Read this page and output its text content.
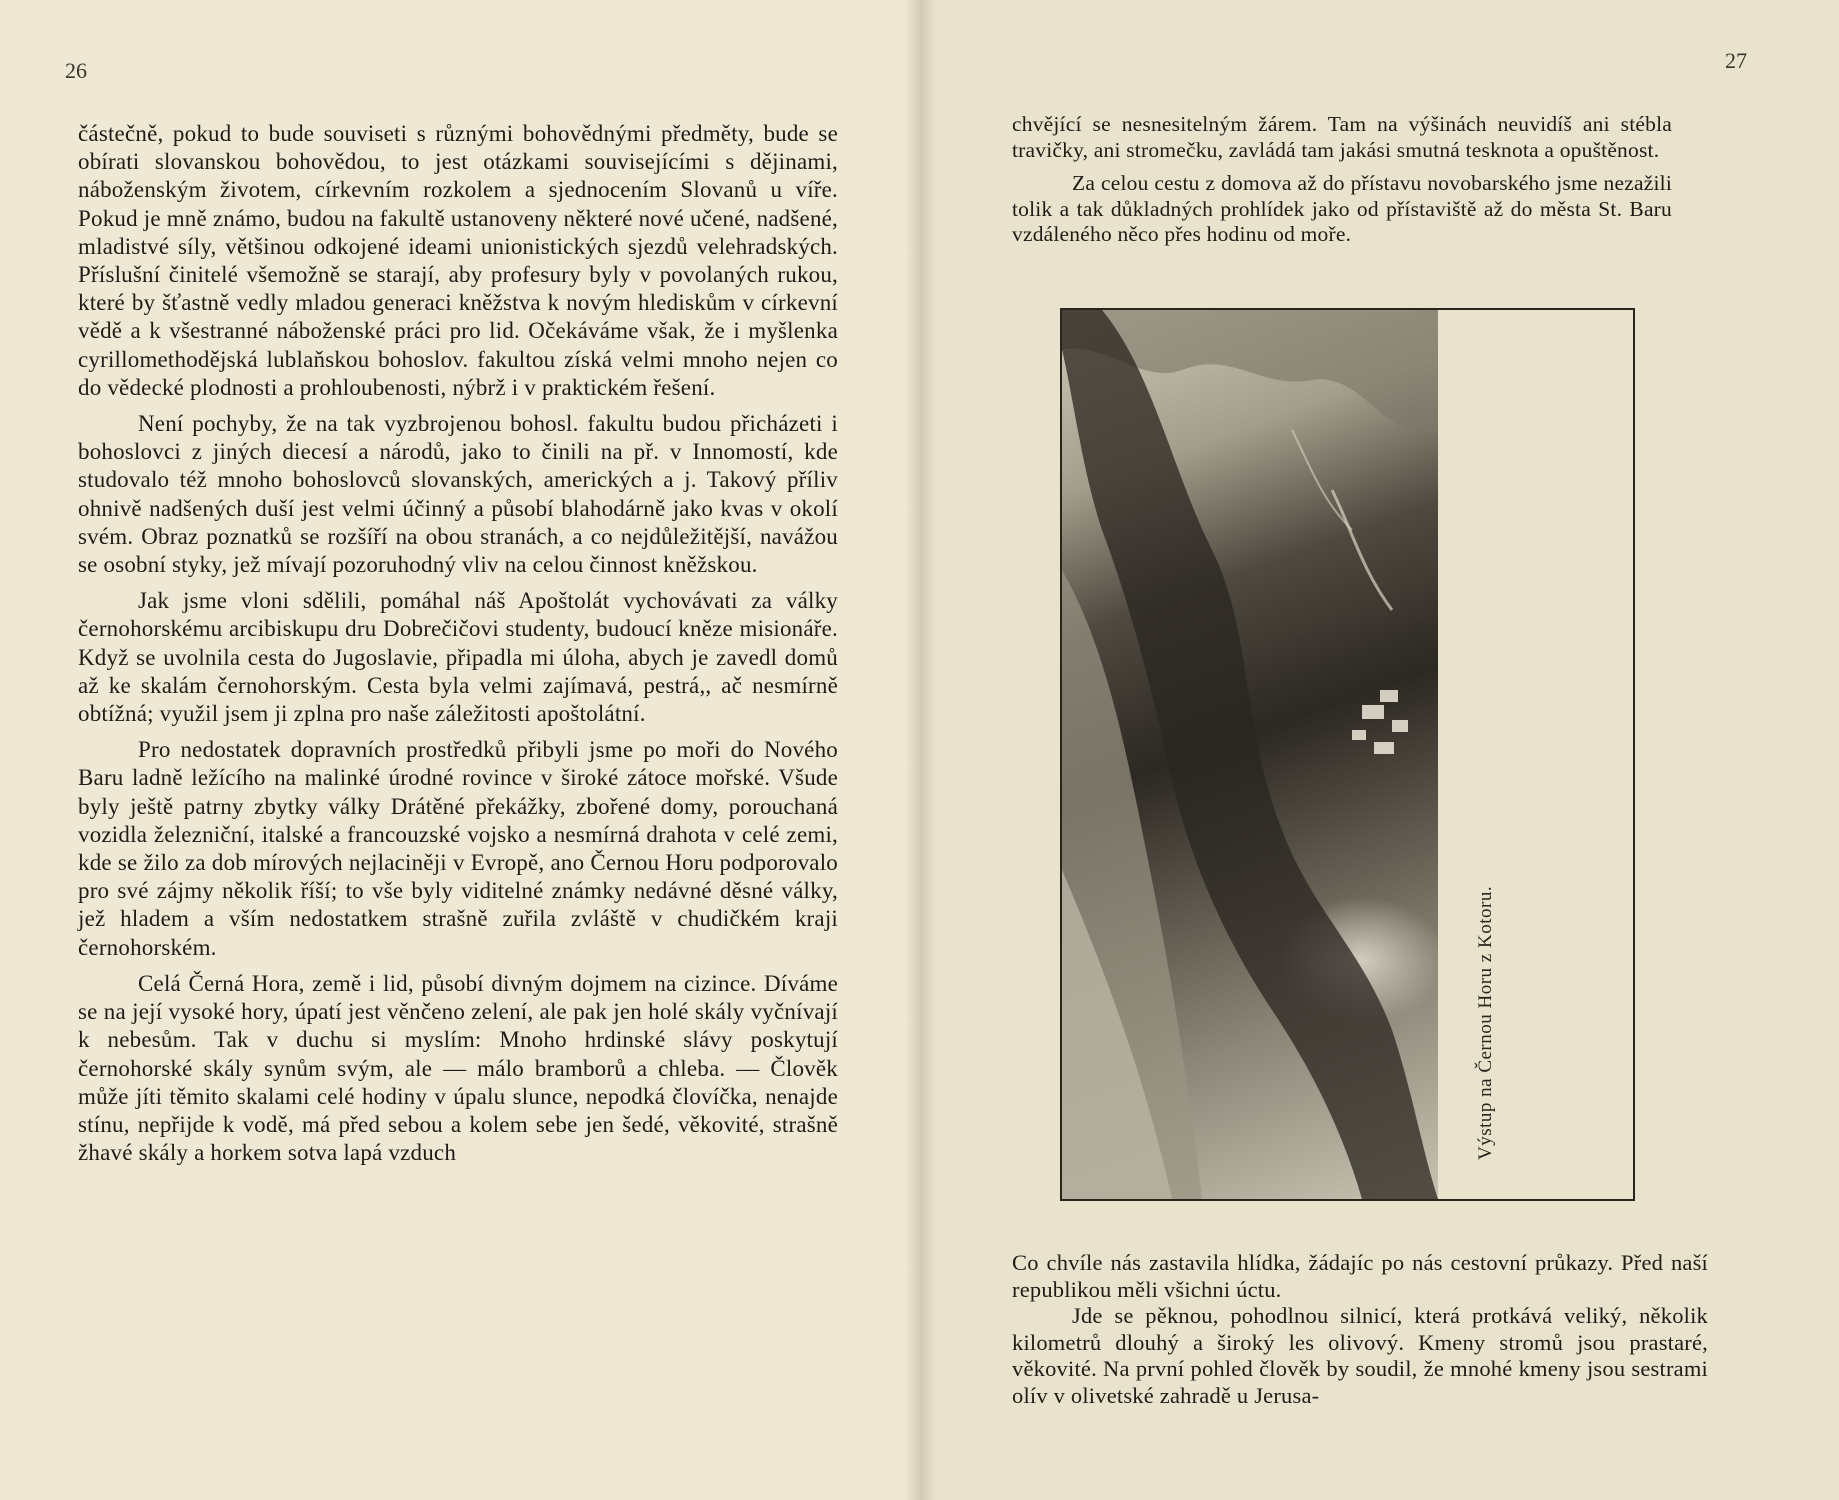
26

částečně, pokud to bude souviseti s různými bohovědnými předměty, bude se obírati slovanskou bohovědou, to jest otázkami souvisejícími s dějinami, náboženským životem, církevním rozkolem a sjednocením Slovanů u víře. Pokud je mně známo, budou na fakultě ustanoveny některé nové učené, nadšené, mladistvé síly, většinou odkojené ideami unionistických sjezdů velehradských. Příslušní činitelé všemožně se starají, aby profesury byly v povolaných rukou, které by šťastně vedly mladou generaci kněžstva k novým hlediskům v církevní vědě a k všestranné náboženské práci pro lid. Očekáváme však, že i myšlenka cyrillomethodějská lublaňskou bohoslov. fakultou získá velmi mnoho nejen co do vědecké plodnosti a prohloubenosti, nýbrž i v praktickém řešení.

Není pochyby, že na tak vyzbrojenou bohosl. fakultu budou přicházeti i bohoslovci z jiných diecesí a národů, jako to činili na př. v Innomostí, kde studovalo též mnoho bohoslovců slovanských, amerických a j. Takový příliv ohnivě nadšených duší jest velmi účinný a působí blahodárně jako kvas v okolí svém. Obraz poznatků se rozšíří na obou stranách, a co nejdůležitější, navážou se osobní styky, jež mívají pozoruhodný vliv na celou činnost kněžskou.

Jak jsme vloni sdělili, pomáhal náš Apoštolát vychovávati za války černohorskému arcibiskupu dru Dobrečičovi studenty, budoucí kněze misionáře. Když se uvolnila cesta do Jugoslavie, připadla mi úloha, abych je zavedl domů až ke skalám černohorským. Cesta byla velmi zajímavá, pestrá,, ač nesmírně obtížná; využil jsem ji zplna pro naše záležitosti apoštolátní.

Pro nedostatek dopravních prostředků přibyli jsme po moři do Nového Baru ladně ležícího na malinké úrodné rovince v široké zátoce mořské. Všude byly ještě patrny zbytky války Drátěné překážky, zbořené domy, porouchaná vozidla železniční, italské a francouzské vojsko a nesmírná drahota v celé zemi, kde se žilo za dob mírových nejlaciněji v Evropě, ano Černou Horu podporovalo pro své zájmy několik říší; to vše byly viditelné známky nedávné děsné války, jež hladem a vším nedostatkem strašně zuřila zvláště v chudičkém kraji černohorském.

Celá Černá Hora, země i lid, působí divným dojmem na cizince. Díváme se na její vysoké hory, úpatí jest věnčeno zelení, ale pak jen holé skály vyčnívají k nebesům. Tak v duchu si myslím: Mnoho hrdinské slávy poskytují černohorské skály synům svým, ale — málo bramborů a chleba. — Člověk může jíti těmito skalami celé hodiny v úpalu slunce, nepodká človíčka, nenajde stínu, nepřijde k vodě, má před sebou a kolem sebe jen šedé, věkovité, strašně žhavé skály a horkem sotva lapá vzduch

27

chvějící se nesnesitelným žárem. Tam na výšinách neuvidíš ani stébla travičky, ani stromečku, zavládá tam jakási smutná tesknota a opuštěnost.

Za celou cestu z domova až do přístavu novobarského jsme nezažili tolik a tak důkladných prohlídek jako od přístaviště až do města St. Baru vzdáleného něco přes hodinu od moře.

Výstup na Černou Horu z Kotoru.

Co chvíle nás zastavila hlídka, žádajíc po nás cestovní průkazy. Před naší republikou měli všichni úctu.

Jde se pěknou, pohodlnou silnicí, která protkává veliký, několik kilometrů dlouhý a široký les olivový. Kmeny stromů jsou prastaré, věkovité. Na první pohled člověk by soudil, že mnohé kmeny jsou sestrami olív v olivetské zahradě u Jerusa-
